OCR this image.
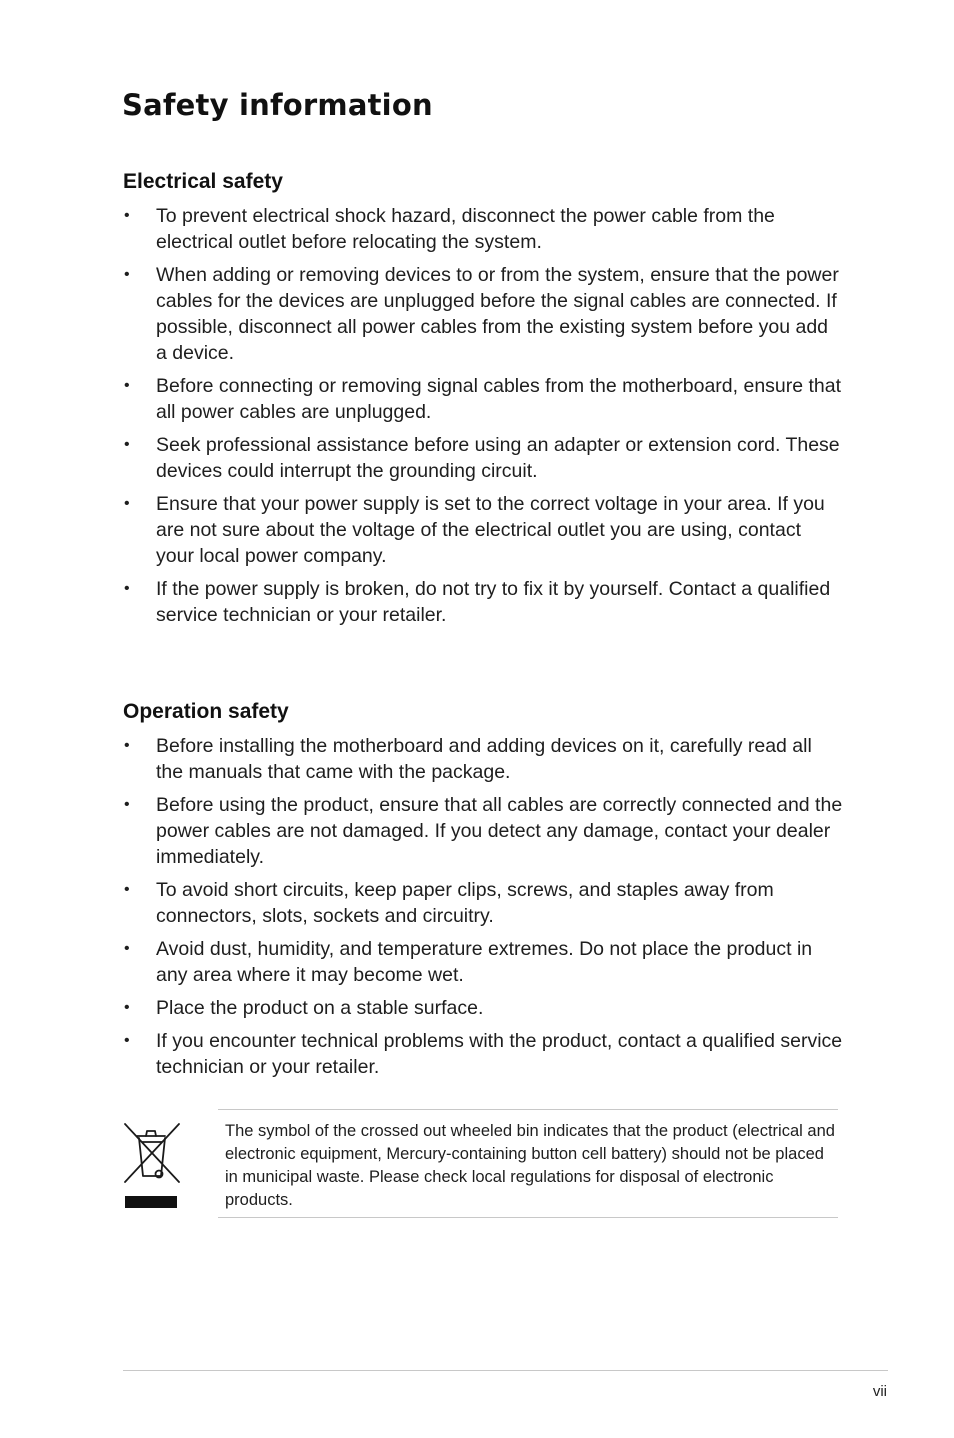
Safety information
Electrical safety
• To prevent electrical shock hazard, disconnect the power cable from the electrical outlet before relocating the system.
• When adding or removing devices to or from the system, ensure that the power cables for the devices are unplugged before the signal cables are connected. If possible, disconnect all power cables from the existing system before you add a device.
• Before connecting or removing signal cables from the motherboard, ensure that all power cables are unplugged.
• Seek professional assistance before using an adapter or extension cord. These devices could interrupt the grounding circuit.
• Ensure that your power supply is set to the correct voltage in your area. If you are not sure about the voltage of the electrical outlet you are using, contact your local power company.
• If the power supply is broken, do not try to fix it by yourself. Contact a qualified service technician or your retailer.
Operation safety
• Before installing the motherboard and adding devices on it, carefully read all the manuals that came with the package.
• Before using the product, ensure that all cables are correctly connected and the power cables are not damaged. If you detect any damage, contact your dealer immediately.
• To avoid short circuits, keep paper clips, screws, and staples away from connectors, slots, sockets and circuitry.
• Avoid dust, humidity, and temperature extremes. Do not place the product in any area where it may become wet.
• Place the product on a stable surface.
• If you encounter technical problems with the product, contact a qualified service technician or your retailer.

The symbol of the crossed out wheeled bin indicates that the product (electrical and electronic equipment, Mercury-containing button cell battery) should not be placed in municipal waste. Please check local regulations for disposal of electronic products.

vii
